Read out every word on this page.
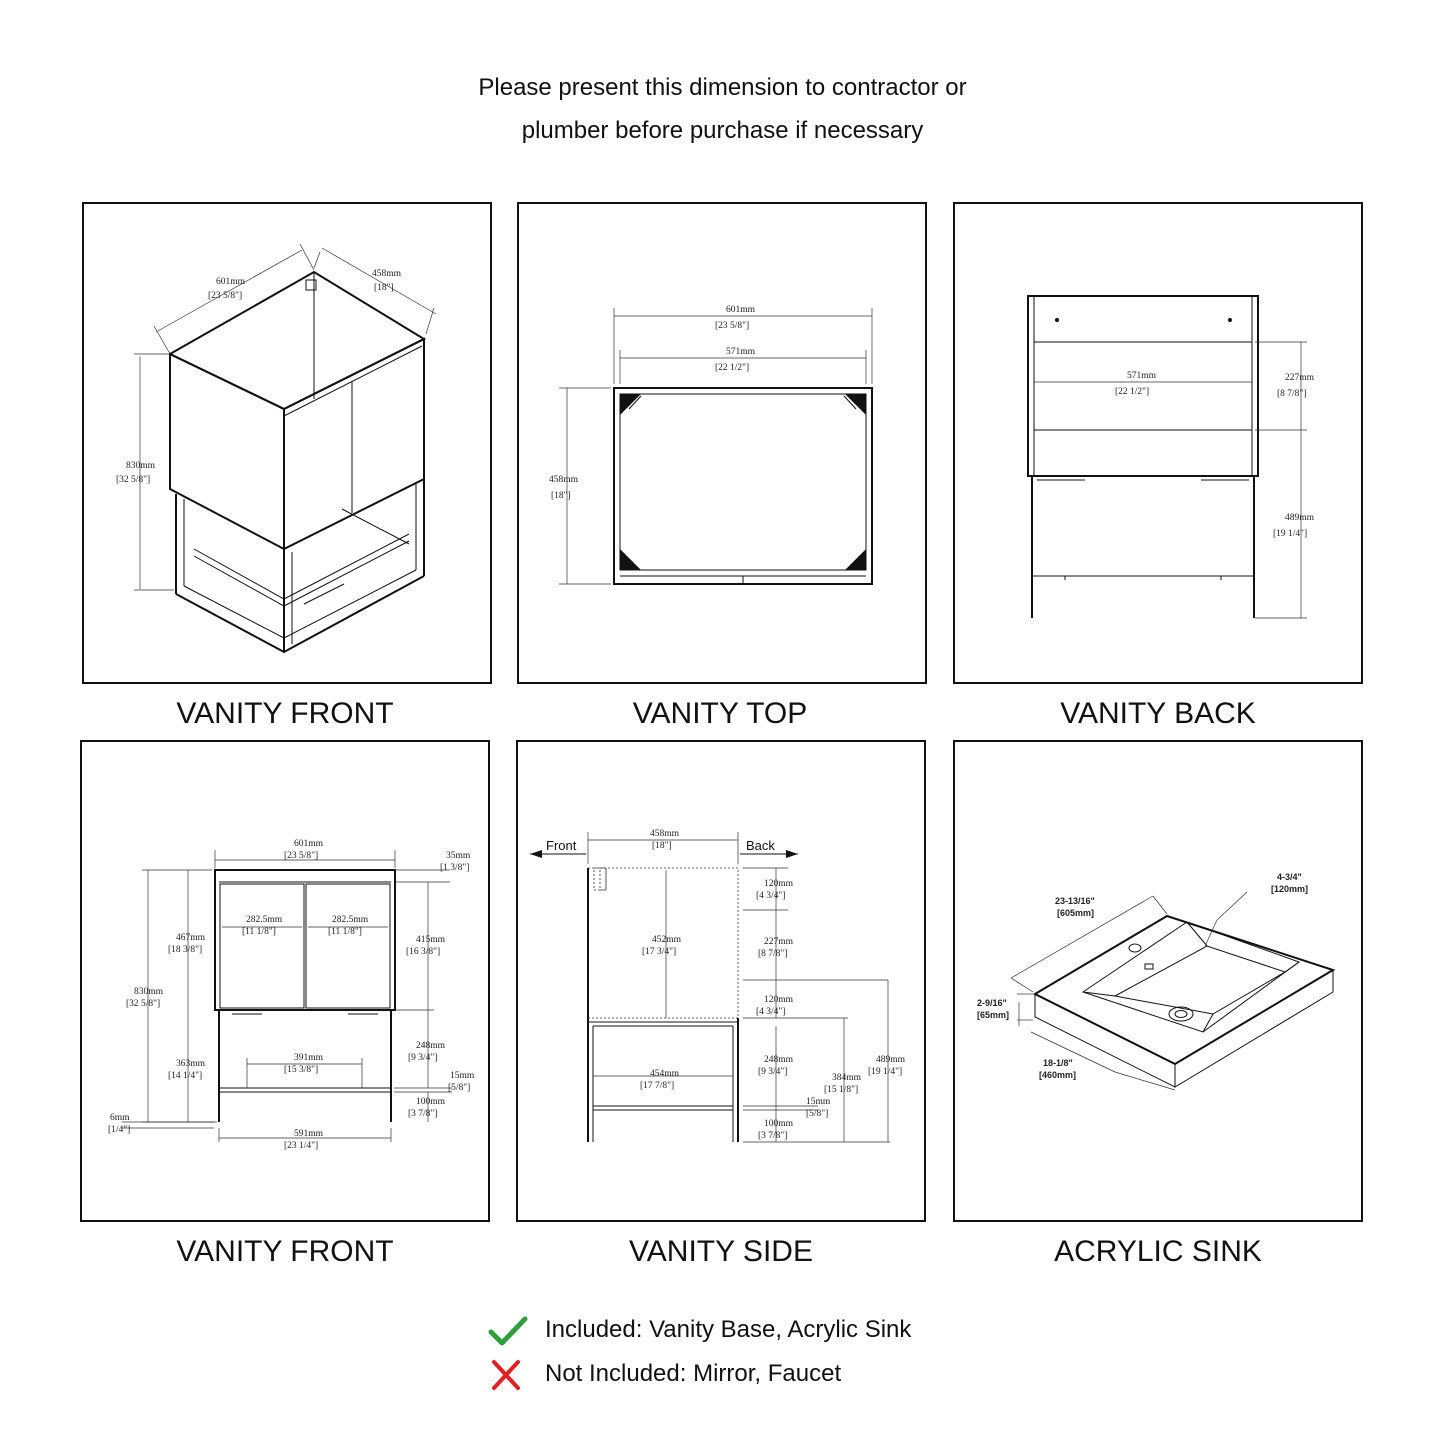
Please present this dimension to contractor or
plumber before purchase if necessary
601mm
[23 5/8"]
458mm
[18"]
830mm
[32 5/8"]
VANITY FRONT
601mm
[23 5/8"]
571mm
[22 1/2"]
458mm
[18"]
VANITY TOP
571mm
[22 1/2"]
227mm
[8 7/8"]
489mm
[19 1/4"]
VANITY BACK
601mm
[23 5/8"]	35mm
[1 3/8"]
282.5mm
[11 1/8"]
282.5mm
[11 1/8"]
467mm
[18 3/8"]
830mm
[32 5/8"]
415mm
[16 3/8"]
248mm
[9 3/4"]
363mm
[14 1/4"]
391mm
[15 3/8"]
15mm
[5/8"]
100mm
[3 7/8"]
6mm
[1/4"]	591mm
[23 1/4"]
VANITY FRONT
Front	Back
458mm
[18"]
120mm
[4 3/4"]
452mm
[17 3/4"]
227mm
[8 7/8"]
120mm
[4 3/4"]
489mm
[19 1/4"]
454mm
[17 7/8"]
248mm
[9 3/4"]
384mm
[15 1/8"]
15mm
[5/8"]
100mm
[3 7/8"]
VANITY SIDE
23-13/16"
[605mm]
4-3/4"
[120mm]
2-9/16"
[65mm]
18-1/8"
[460mm]
ACRYLIC SINK
Included: Vanity Base, Acrylic Sink
Not Included: Mirror, Faucet
